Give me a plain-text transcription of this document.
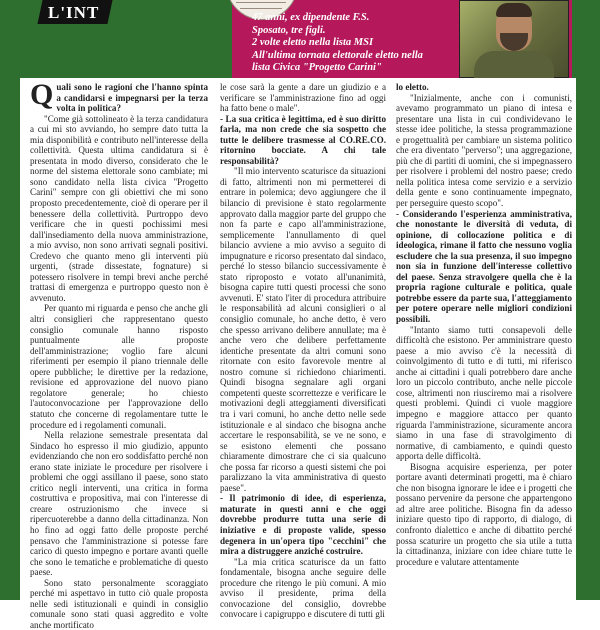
L'INT	47 anni, ex dipendente F.S.
Sposato, tre figli.
2 volte eletto nella lista MSI
All'ultima tornata elettorale eletto nella
lista Civica "Progetto Carini"

Quali sono le ragioni che l'hanno spinta a candidarsi e impegnarsi per la terza volta in politica?

"Come già sottolineato è la terza candidatura a cui mi sto avviando, ho sempre dato tutta la mia disponibilità e contributo nell'interesse della collettività. Questa ultima candidatura si è presentata in modo diverso, considerato che le norme del sistema elettorale sono cambiate; mi sono candidato nella lista civica "Progetto Carini" sempre con gli obiettivi che mi sono proposto precedentemente, cioè di operare per il benessere della collettività. Purtroppo devo verificare che in questi pochissimi mesi dall'insediamento della nuova amministrazione, a mio avviso, non sono arrivati segnali positivi. Credevo che quanto meno gli interventi più urgenti, (strade dissestate, fognature) si potessero risolvere in tempi brevi anche perché trattasi di emergenza e purtroppo questo non è avvenuto.

Per quanto mi riguarda e penso che anche gli altri consiglieri che rappresentano questo consiglio comunale hanno risposto puntualmente alle proposte dell'amministrazione; voglio fare alcuni riferimenti per esempio il piano triennale delle opere pubbliche; le direttive per la redazione, revisione ed approvazione del nuovo piano regolatore generale; ho chiesto l'autoconvocazione per l'approvazione dello statuto che concerne di regolamentare tutte le procedure ed i regolamenti comunali.

Nella relazione semestrale presentata dal Sindaco ho espresso il mio giudizio, appunto evidenziando che non ero soddisfatto perché non erano state iniziate le procedure per risolvere i problemi che oggi assillano il paese, sono stato critico negli interventi, una critica in forma costruttiva e propositiva, mai con l'interesse di creare ostruzionismo che invece si ripercuoterebbe a danno della cittadinanza. Non ho fino ad oggi fatto delle proposte perché pensavo che l'amministrazione si potesse fare carico di questo impegno e portare avanti quelle che sono le tematiche e problematiche di questo paese.

Sono stato personalmente scoraggiato perché mi aspettavo in tutto ciò quale proposta nelle sedi istituzionali e quindi in consiglio comunale sono stati quasi aggredito e volte anche mortificato

le cose sarà la gente a dare un giudizio e a verificare se l'amministrazione fino ad oggi ha fatto bene o male".

- La sua critica è legittima, ed è suo diritto farla, ma non crede che sia sospetto che tutte le delibere trasmesse al CO.RE.CO. ritornino bocciate. A chi tale responsabilità?

"Il mio intervento scaturisce da situazioni di fatto, altrimenti non mi permetterei di entrare in polemica; devo aggiungere che il bilancio di previsione è stato regolarmente approvato dalla maggior parte del gruppo che non fa parte e capo all'amministrazione, semplicemente l'annullamento di quel bilancio avviene a mio avviso a seguito di impugnature e ricorso presentato dal sindaco, perché lo stesso bilancio successivamente è stato riproposto e votato all'unanimità, bisogna capire tutti questi processi che sono avvenuti. E' stato l'iter di procedura attribuire le responsabilità ad alcuni consiglieri o al consiglio comunale, ho anche detto, è vero che spesso arrivano delibere annullate; ma è anche vero che delibere perfettamente identiche presentate da altri comuni sono ritornate con esito favorevole mentre al nostro comune si richiedono chiarimenti. Quindi bisogna segnalare agli organi competenti queste scorrettezze e verificare le motivazioni degli atteggiamenti diversificati tra i vari comuni, ho anche detto nelle sede istituzionale e al sindaco che bisogna anche accertare le responsabilità, se ve ne sono, e se esistono elementi che possano chiaramente dimostrare che ci sia qualcuno che possa far ricorso a questi sistemi che poi paralizzano la vita amministrativa di questo paese".

- Il patrimonio di idee, di esperienza, maturate in questi anni e che oggi dovrebbe produrre tutta una serie di iniziative e di proposte valide, spesso degenera in un'opera tipo "cecchini" che mira a distruggere anziché costruire.

"La mia critica scaturisce da un fatto fondamentale, bisogna anche seguire delle procedure che ritengo le più comuni. A mio avviso il presidente, prima della convocazione del consiglio, dovrebbe convocare i capigruppo e discutere di tutti gli

lo eletto.

"Inizialmente, anche con i comunisti, avevamo programmato un piano di intesa e presentare una lista in cui condividevano le stesse idee politiche, la stessa programmazione e progettualità per cambiare un sistema politico che era diventato "perverso"; una aggregazione, più che di partiti di uomini, che si impegnassero per risolvere i problemi del nostro paese; credo nella politica intesa come servizio e a servizio della gente e sono continuamente impegnato, per perseguire questo scopo".

- Considerando l'esperienza amministrativa, che nonostante le diversità di veduta, di opinione, di collocazione politica e di ideologica, rimane il fatto che nessuno voglia escludere che la sua presenza, il suo impegno non sia in funzione dell'interesse collettivo del paese. Senza stravolgere quella che è la propria ragione culturale e politica, quale potrebbe essere da parte sua, l'atteggiamento per potere operare nelle migliori condizioni possibili.

"Intanto siamo tutti consapevoli delle difficoltà che esistono. Per amministrare questo paese a mio avviso c'è la necessità di coinvolgimento di tutto e di tutti, mi riferisco anche ai cittadini i quali potrebbero dare anche loro un piccolo contributo, anche nelle piccole cose, altrimenti non riusciremo mai a risolvere questi problemi. Quindi ci vuole maggiore impegno e maggiore attacco per quanto riguarda l'amministrazione, sicuramente ancora siamo in una fase di stravolgimento di normative, di cambiamento, e quindi questo apporta delle difficoltà.

Bisogna acquisire esperienza, per poter portare avanti determinati progetti, ma è chiaro che non bisogna ignorare le idee e i progetti che possano pervenire da persone che appartengono ad altre aree politiche. Bisogna fin da adesso iniziare questo tipo di rapporto, di dialogo, di confronto dialettico e anche di dibattito perché possa scaturire un progetto che sia utile a tutta la cittadinanza, iniziare con idee chiare tutte le procedure e valutare attentamente
